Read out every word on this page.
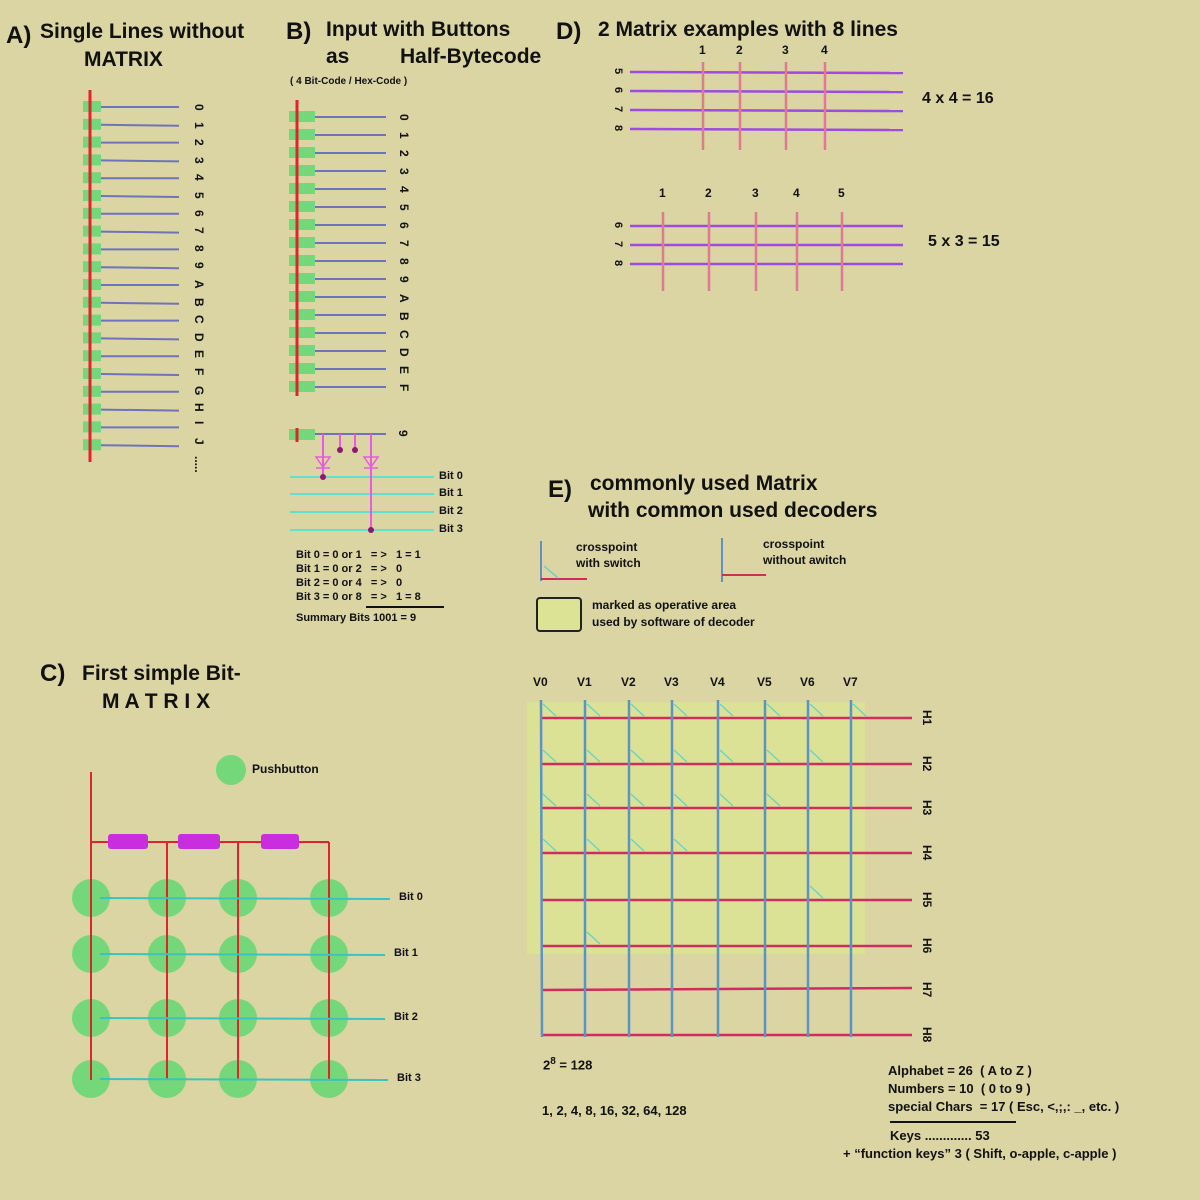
A) Single Lines without
MATRIX
0
1
2
3
4
5
6
7
8
9
A
B
C
D
E
F
G
H
I
J
.....
B) Input with Buttons
as Half-Bytecode
( 4 Bit-Code / Hex-Code )
0
1
2
3
4
5
6
7
8
9
A
B
C
D
E
F
9
Bit 0
Bit 1
Bit 2
Bit 3
Bit 0 = 0 or 1   = >   1 = 1
Bit 1 = 0 or 2   = >   0
Bit 2 = 0 or 4   = >   0
Bit 3 = 0 or 8   = >   1 = 8
Summary Bits 1001 = 9
C) First simple Bit-
M A T R I X
Pushbutton
Bit 0
Bit 1
Bit 2
Bit 3
D) 2 Matrix examples with 8 lines
1	2	3	4
5
6
7
8
1	2	3	4	5
6
7
8
4 x 4 = 16
5 x 3 = 15
E) commonly used Matrix
with common used decoders
crosspoint
with switch
crosspoint
without awitch
marked as operative area
used by software of decoder
H1
H2
H3
H4
H5
H6
H7
H8
V0 V1 V2 V3	V4	V5 V6 V7
$2^8 = 128$
1, 2, 4, 8, 16, 32, 64, 128
Alphabet = 26  ( A to Z )
Numbers = 10  ( 0 to 9 )
special Chars  = 17 ( Esc, <,;,: _, etc. )
Keys ............. 53
+ “function keys” 3 ( Shift, o-apple, c-apple )
